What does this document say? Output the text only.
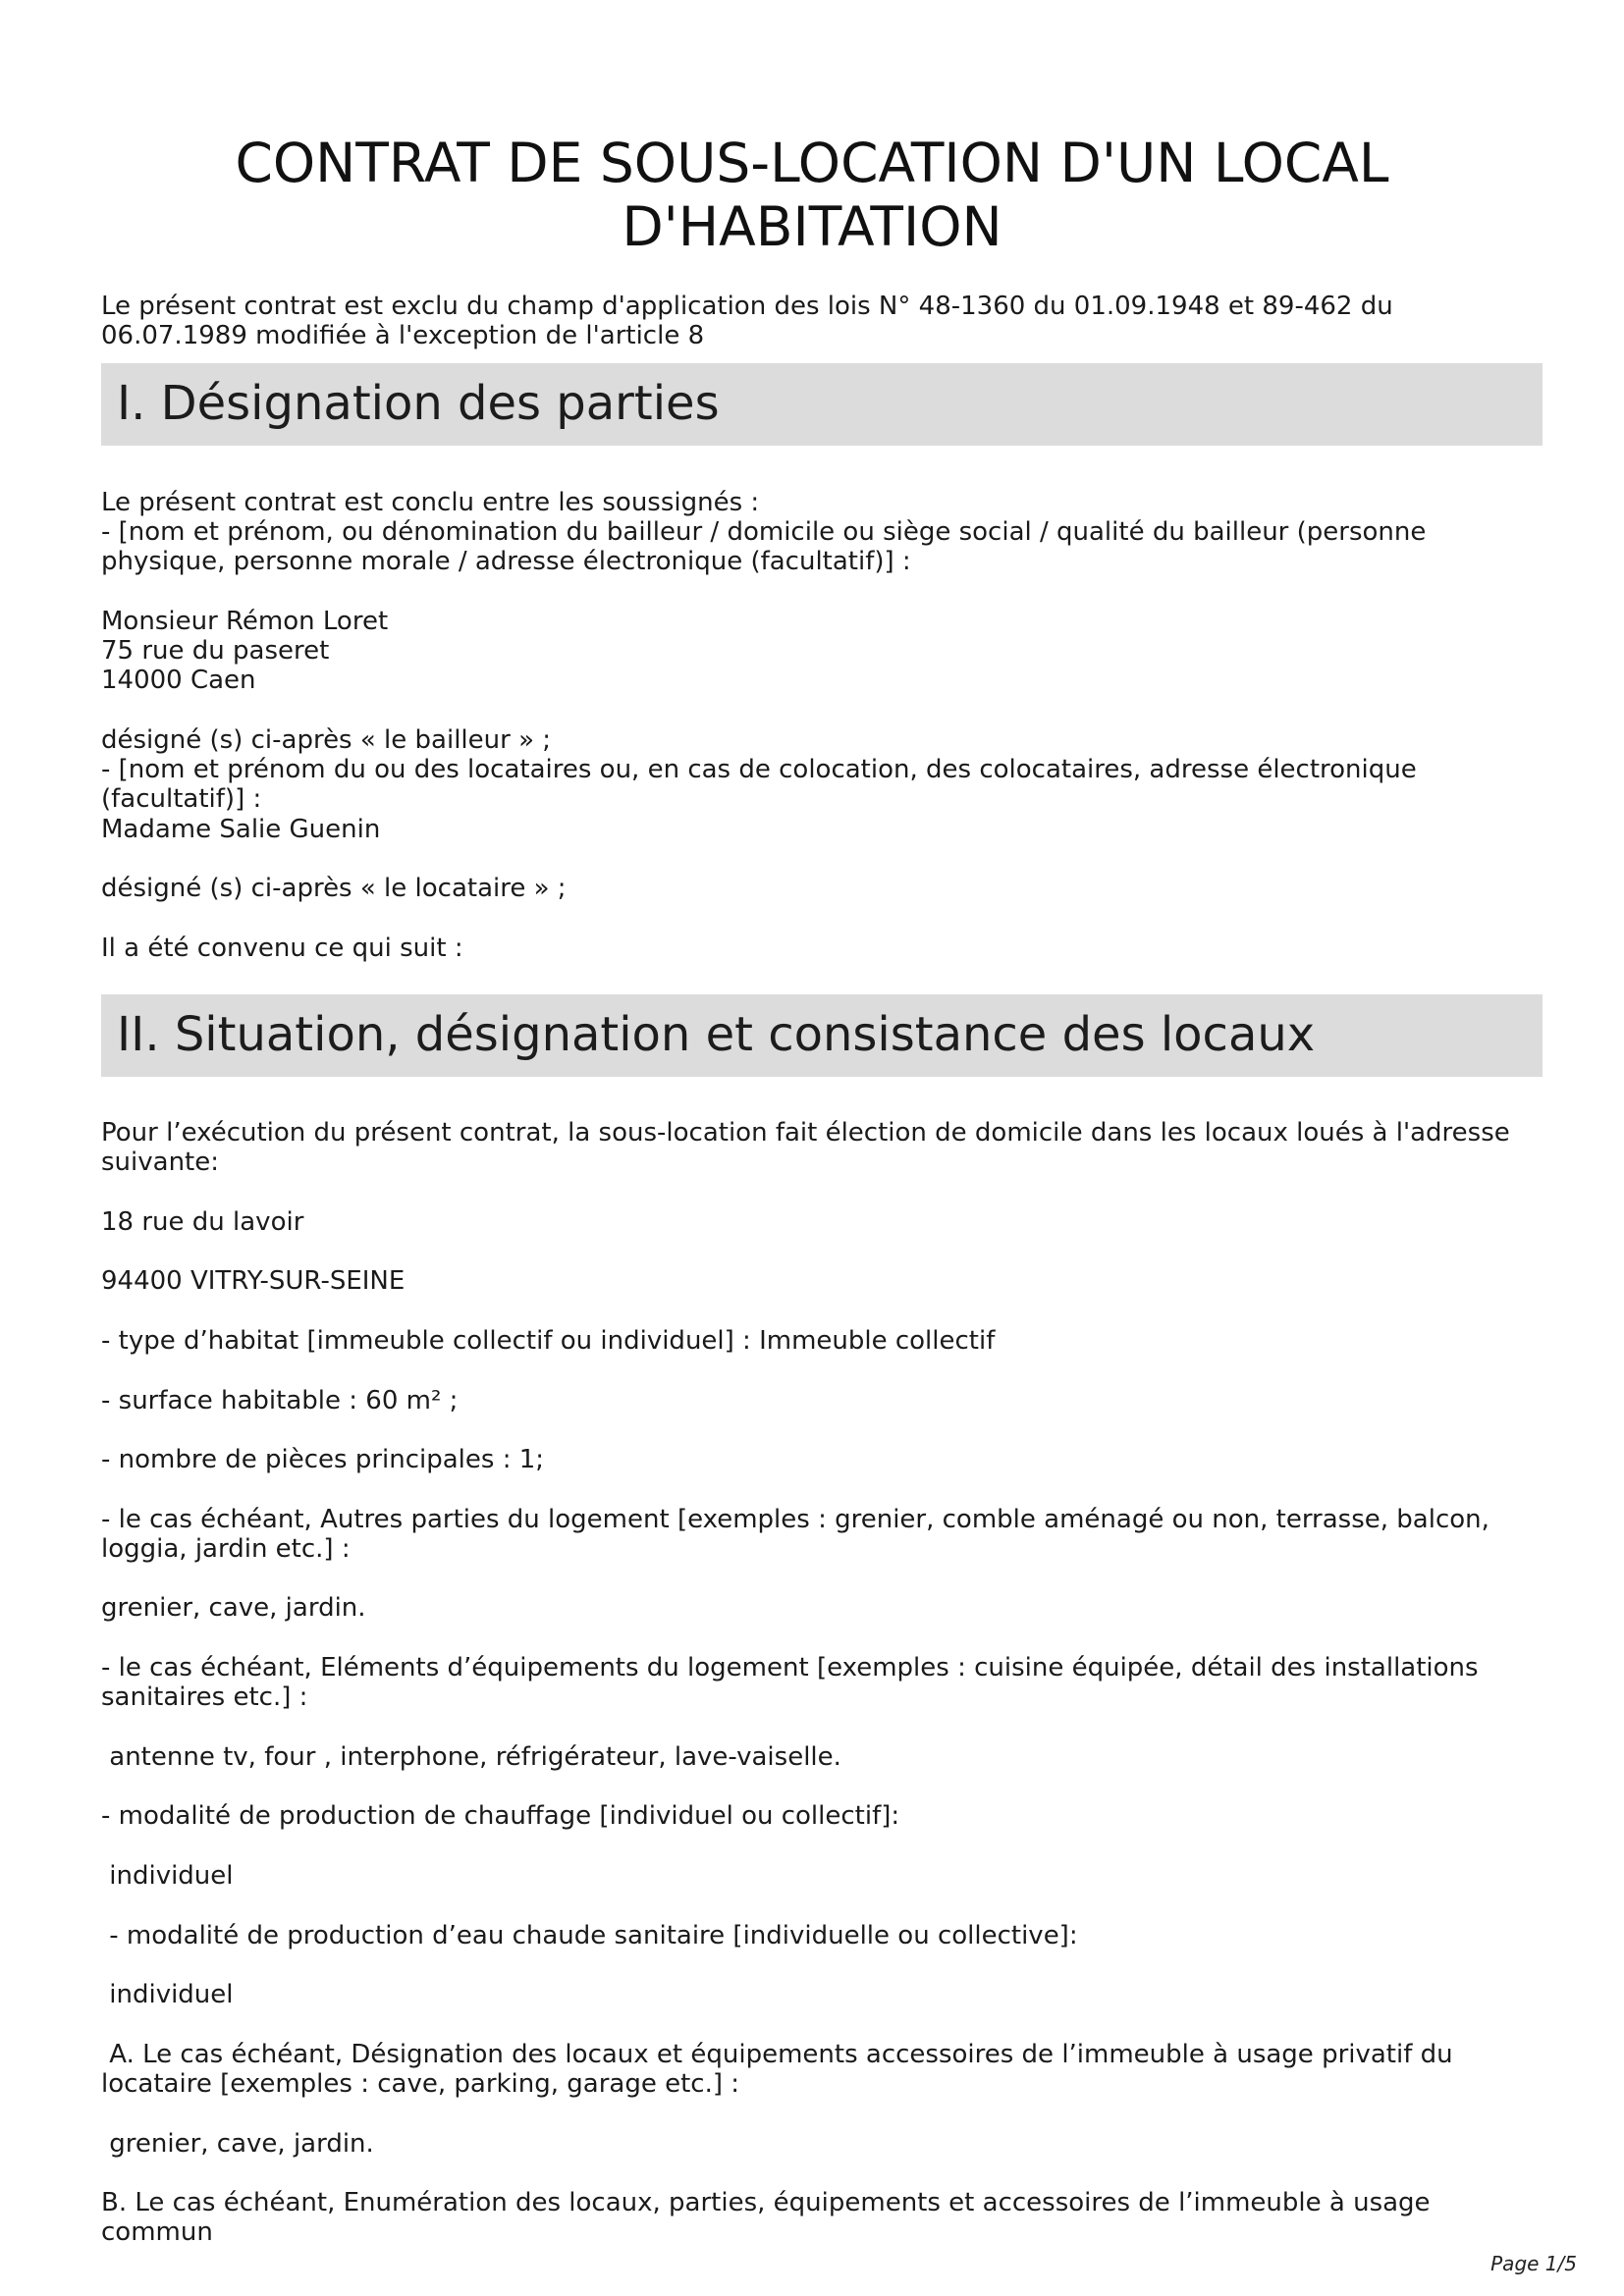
CONTRAT DE SOUS-LOCATION D'UN LOCAL
D'HABITATION

Le présent contrat est exclu du champ d'application des lois N° 48-1360 du 01.09.1948 et 89-462 du 06.07.1989 modifiée à l'exception de l'article 8

I. Désignation des parties

Le présent contrat est conclu entre les soussignés :
- [nom et prénom, ou dénomination du bailleur / domicile ou siège social / qualité du bailleur (personne physique, personne morale / adresse électronique (facultatif)] :

Monsieur Rémon Loret
75 rue du paseret
14000 Caen

désigné (s) ci-après « le bailleur » ;
- [nom et prénom du ou des locataires ou, en cas de colocation, des colocataires, adresse électronique (facultatif)] :

Madame Salie Guenin

désigné (s) ci-après « le locataire » ;

Il a été convenu ce qui suit :

II. Situation, désignation et consistance des locaux

Pour l’exécution du présent contrat, la sous-location fait élection de domicile dans les locaux loués à l'adresse suivante:

18 rue du lavoir

94400 VITRY-SUR-SEINE

- type d’habitat [immeuble collectif ou individuel] : Immeuble collectif

- surface habitable : 60 m² ;

- nombre de pièces principales : 1;

- le cas échéant, Autres parties du logement [exemples : grenier, comble aménagé ou non, terrasse, balcon, loggia, jardin etc.] :

grenier, cave, jardin.

- le cas échéant, Eléments d’équipements du logement [exemples : cuisine équipée, détail des installations sanitaires etc.] :

antenne tv, four , interphone, réfrigérateur, lave-vaiselle.

- modalité de production de chauffage [individuel ou collectif]:

individuel

- modalité de production d’eau chaude sanitaire [individuelle ou collective]:

individuel

A. Le cas échéant, Désignation des locaux et équipements accessoires de l’immeuble à usage privatif du locataire [exemples : cave, parking, garage etc.] :

grenier, cave, jardin.

B. Le cas échéant, Enumération des locaux, parties, équipements et accessoires de l’immeuble à usage commun

Page 1/5
